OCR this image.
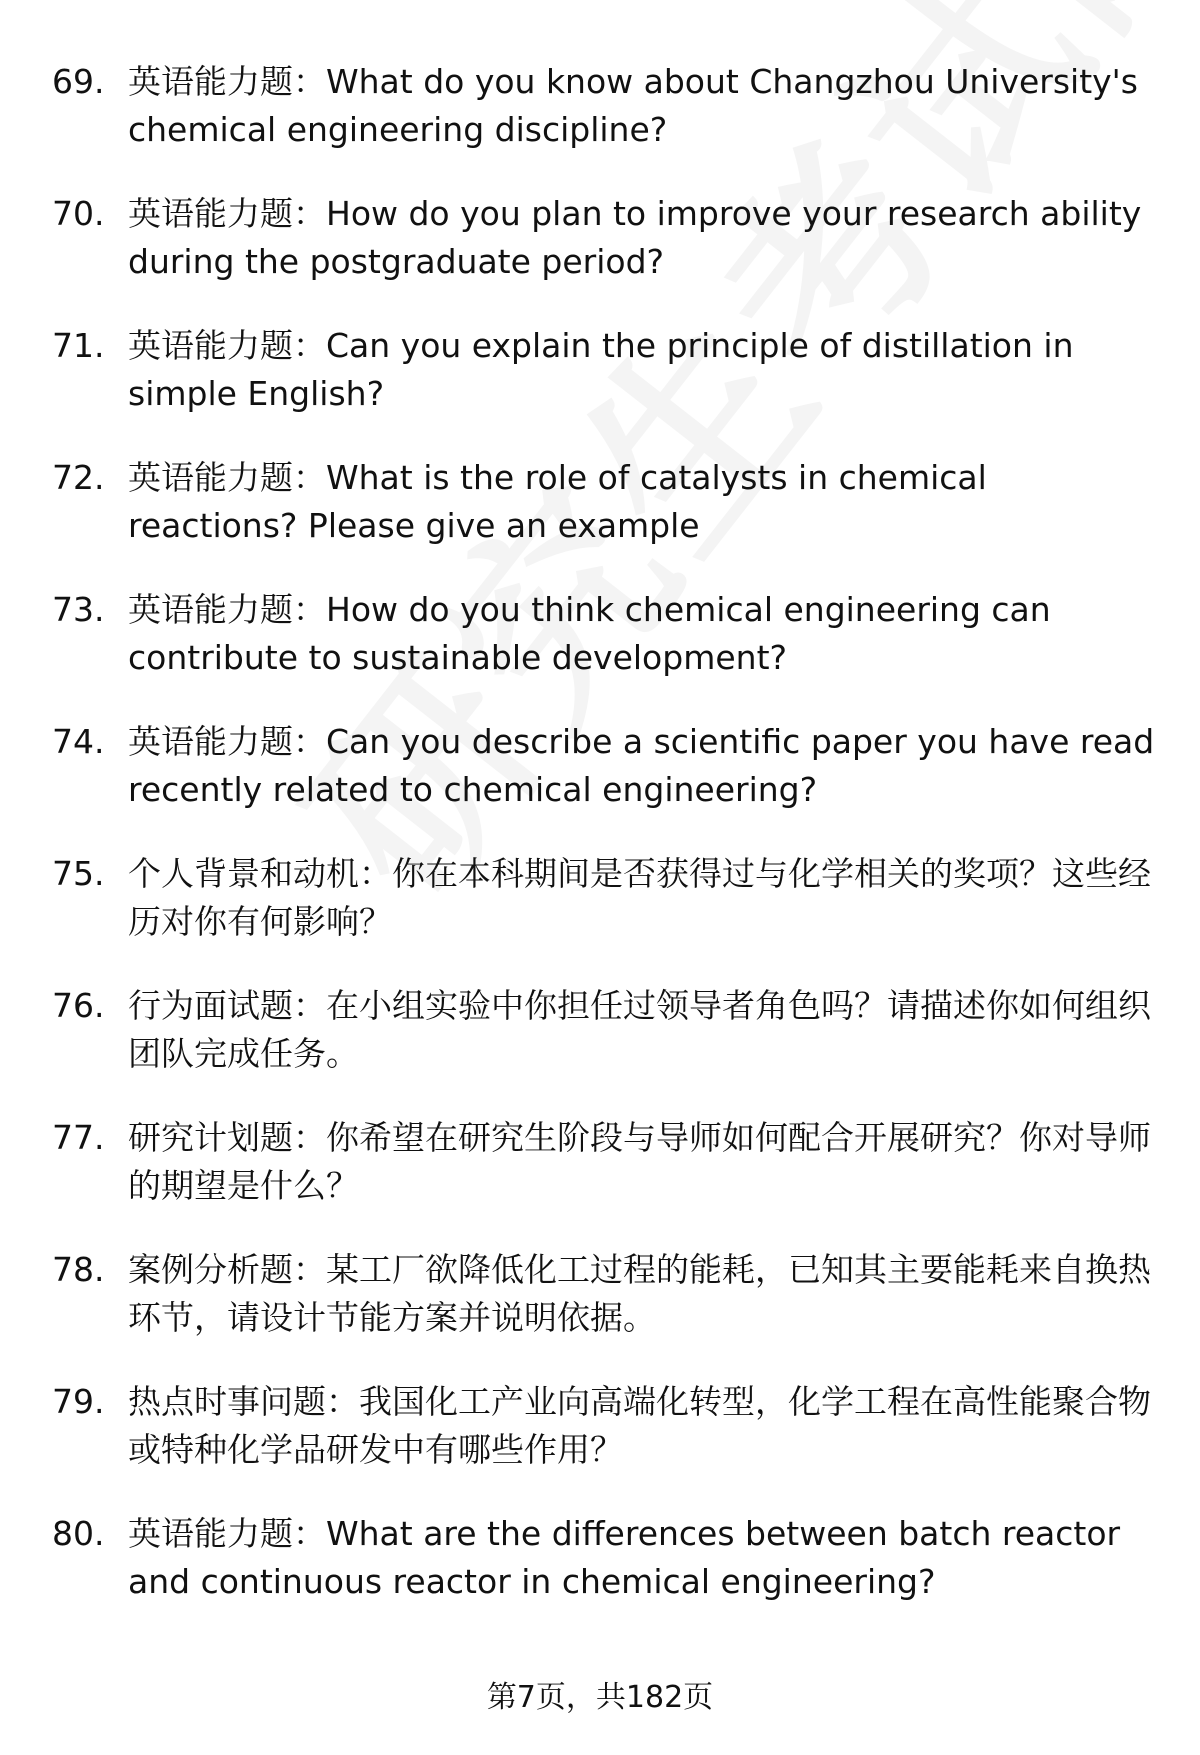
69. 英语能力题：What do you know about Changzhou University's chemical engineering discipline?
70. 英语能力题：How do you plan to improve your research ability during the postgraduate period?
71. 英语能力题：Can you explain the principle of distillation in simple English?
72. 英语能力题：What is the role of catalysts in chemical reactions? Please give an example
73. 英语能力题：How do you think chemical engineering can contribute to sustainable development?
74. 英语能力题：Can you describe a scientific paper you have read recently related to chemical engineering?
75. 个人背景和动机：你在本科期间是否获得过与化学相关的奖项？这些经历对你有何影响？
76. 行为面试题：在小组实验中你担任过领导者角色吗？请描述你如何组织团队完成任务。
77. 研究计划题：你希望在研究生阶段与导师如何配合开展研究？你对导师的期望是什么？
78. 案例分析题：某工厂欲降低化工过程的能耗，已知其主要能耗来自换热环节，请设计节能方案并说明依据。
79. 热点时事问题：我国化工产业向高端化转型，化学工程在高性能聚合物或特种化学品研发中有哪些作用？
80. 英语能力题：What are the differences between batch reactor and continuous reactor in chemical engineering?
第7页，共182页
